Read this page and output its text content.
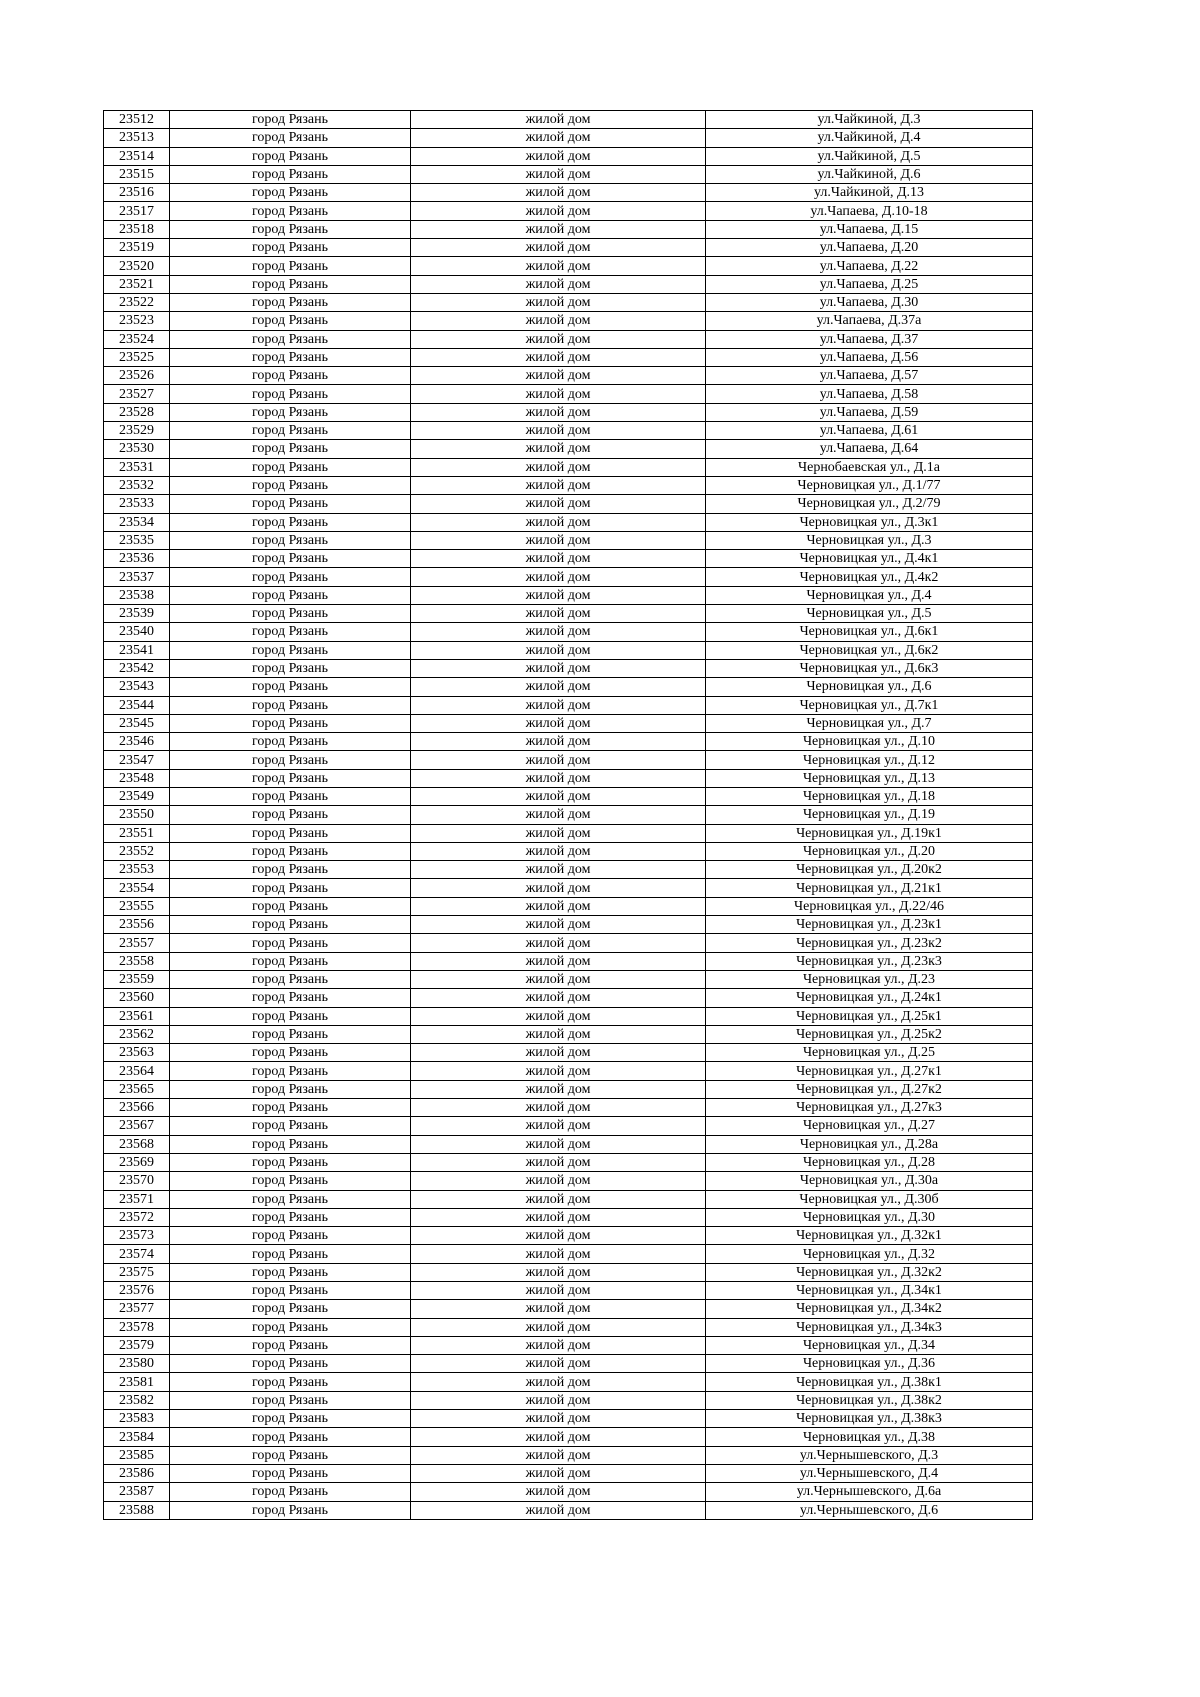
23512	город Рязань	жилой дом	ул.Чайкиной, Д.3
23513	город Рязань	жилой дом	ул.Чайкиной, Д.4
23514	город Рязань	жилой дом	ул.Чайкиной, Д.5
23515	город Рязань	жилой дом	ул.Чайкиной, Д.6
23516	город Рязань	жилой дом	ул.Чайкиной, Д.13
23517	город Рязань	жилой дом	ул.Чапаева, Д.10-18
23518	город Рязань	жилой дом	ул.Чапаева, Д.15
23519	город Рязань	жилой дом	ул.Чапаева, Д.20
23520	город Рязань	жилой дом	ул.Чапаева, Д.22
23521	город Рязань	жилой дом	ул.Чапаева, Д.25
23522	город Рязань	жилой дом	ул.Чапаева, Д.30
23523	город Рязань	жилой дом	ул.Чапаева, Д.37а
23524	город Рязань	жилой дом	ул.Чапаева, Д.37
23525	город Рязань	жилой дом	ул.Чапаева, Д.56
23526	город Рязань	жилой дом	ул.Чапаева, Д.57
23527	город Рязань	жилой дом	ул.Чапаева, Д.58
23528	город Рязань	жилой дом	ул.Чапаева, Д.59
23529	город Рязань	жилой дом	ул.Чапаева, Д.61
23530	город Рязань	жилой дом	ул.Чапаева, Д.64
23531	город Рязань	жилой дом	Чернобаевская ул., Д.1а
23532	город Рязань	жилой дом	Черновицкая ул., Д.1/77
23533	город Рязань	жилой дом	Черновицкая ул., Д.2/79
23534	город Рязань	жилой дом	Черновицкая ул., Д.3к1
23535	город Рязань	жилой дом	Черновицкая ул., Д.3
23536	город Рязань	жилой дом	Черновицкая ул., Д.4к1
23537	город Рязань	жилой дом	Черновицкая ул., Д.4к2
23538	город Рязань	жилой дом	Черновицкая ул., Д.4
23539	город Рязань	жилой дом	Черновицкая ул., Д.5
23540	город Рязань	жилой дом	Черновицкая ул., Д.6к1
23541	город Рязань	жилой дом	Черновицкая ул., Д.6к2
23542	город Рязань	жилой дом	Черновицкая ул., Д.6к3
23543	город Рязань	жилой дом	Черновицкая ул., Д.6
23544	город Рязань	жилой дом	Черновицкая ул., Д.7к1
23545	город Рязань	жилой дом	Черновицкая ул., Д.7
23546	город Рязань	жилой дом	Черновицкая ул., Д.10
23547	город Рязань	жилой дом	Черновицкая ул., Д.12
23548	город Рязань	жилой дом	Черновицкая ул., Д.13
23549	город Рязань	жилой дом	Черновицкая ул., Д.18
23550	город Рязань	жилой дом	Черновицкая ул., Д.19
23551	город Рязань	жилой дом	Черновицкая ул., Д.19к1
23552	город Рязань	жилой дом	Черновицкая ул., Д.20
23553	город Рязань	жилой дом	Черновицкая ул., Д.20к2
23554	город Рязань	жилой дом	Черновицкая ул., Д.21к1
23555	город Рязань	жилой дом	Черновицкая ул., Д.22/46
23556	город Рязань	жилой дом	Черновицкая ул., Д.23к1
23557	город Рязань	жилой дом	Черновицкая ул., Д.23к2
23558	город Рязань	жилой дом	Черновицкая ул., Д.23к3
23559	город Рязань	жилой дом	Черновицкая ул., Д.23
23560	город Рязань	жилой дом	Черновицкая ул., Д.24к1
23561	город Рязань	жилой дом	Черновицкая ул., Д.25к1
23562	город Рязань	жилой дом	Черновицкая ул., Д.25к2
23563	город Рязань	жилой дом	Черновицкая ул., Д.25
23564	город Рязань	жилой дом	Черновицкая ул., Д.27к1
23565	город Рязань	жилой дом	Черновицкая ул., Д.27к2
23566	город Рязань	жилой дом	Черновицкая ул., Д.27к3
23567	город Рязань	жилой дом	Черновицкая ул., Д.27
23568	город Рязань	жилой дом	Черновицкая ул., Д.28а
23569	город Рязань	жилой дом	Черновицкая ул., Д.28
23570	город Рязань	жилой дом	Черновицкая ул., Д.30а
23571	город Рязань	жилой дом	Черновицкая ул., Д.30б
23572	город Рязань	жилой дом	Черновицкая ул., Д.30
23573	город Рязань	жилой дом	Черновицкая ул., Д.32к1
23574	город Рязань	жилой дом	Черновицкая ул., Д.32
23575	город Рязань	жилой дом	Черновицкая ул., Д.32к2
23576	город Рязань	жилой дом	Черновицкая ул., Д.34к1
23577	город Рязань	жилой дом	Черновицкая ул., Д.34к2
23578	город Рязань	жилой дом	Черновицкая ул., Д.34к3
23579	город Рязань	жилой дом	Черновицкая ул., Д.34
23580	город Рязань	жилой дом	Черновицкая ул., Д.36
23581	город Рязань	жилой дом	Черновицкая ул., Д.38к1
23582	город Рязань	жилой дом	Черновицкая ул., Д.38к2
23583	город Рязань	жилой дом	Черновицкая ул., Д.38к3
23584	город Рязань	жилой дом	Черновицкая ул., Д.38
23585	город Рязань	жилой дом	ул.Чернышевского, Д.3
23586	город Рязань	жилой дом	ул.Чернышевского, Д.4
23587	город Рязань	жилой дом	ул.Чернышевского, Д.6а
23588	город Рязань	жилой дом	ул.Чернышевского, Д.6
